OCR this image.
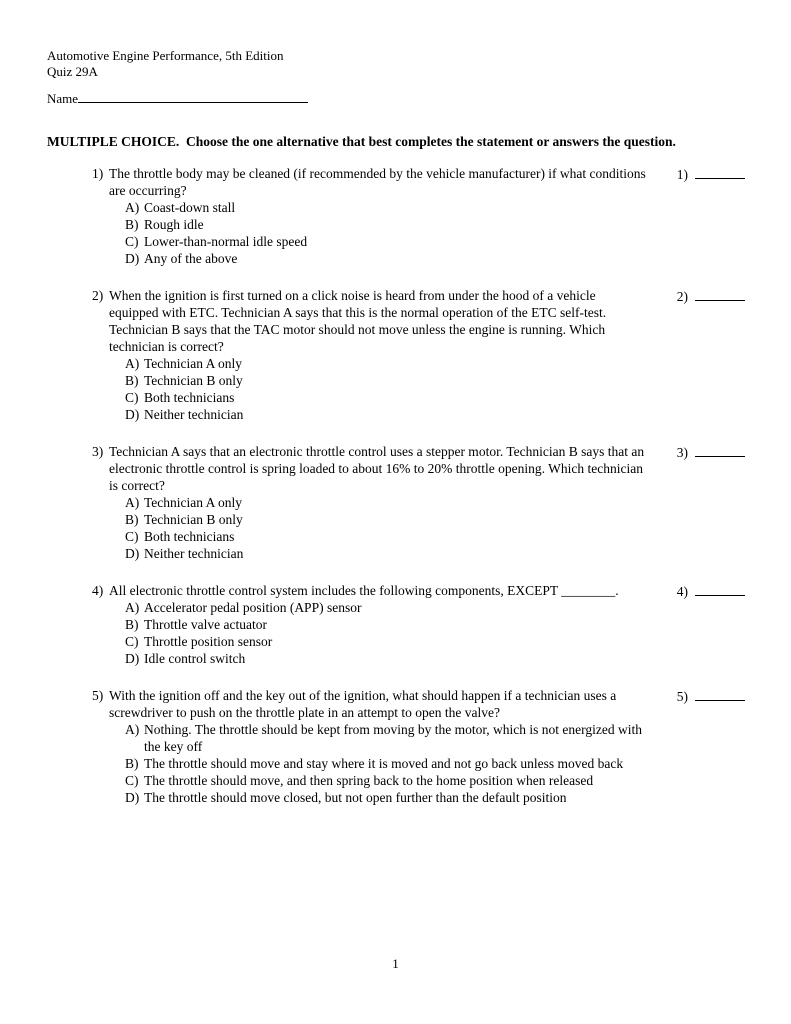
Automotive Engine Performance, 5th Edition
Quiz 29A
Name
MULTIPLE CHOICE.  Choose the one alternative that best completes the statement or answers the question.
1) The throttle body may be cleaned (if recommended by the vehicle manufacturer) if what conditions are occurring?
A) Coast-down stall
B) Rough idle
C) Lower-than-normal idle speed
D) Any of the above
1)
2) When the ignition is first turned on a click noise is heard from under the hood of a vehicle equipped with ETC. Technician A says that this is the normal operation of the ETC self-test. Technician B says that the TAC motor should not move unless the engine is running. Which technician is correct?
A) Technician A only
B) Technician B only
C) Both technicians
D) Neither technician
2)
3) Technician A says that an electronic throttle control uses a stepper motor. Technician B says that an electronic throttle control is spring loaded to about 16% to 20% throttle opening. Which technician is correct?
A) Technician A only
B) Technician B only
C) Both technicians
D) Neither technician
3)
4) All electronic throttle control system includes the following components, EXCEPT ________.
A) Accelerator pedal position (APP) sensor
B) Throttle valve actuator
C) Throttle position sensor
D) Idle control switch
4)
5) With the ignition off and the key out of the ignition, what should happen if a technician uses a screwdriver to push on the throttle plate in an attempt to open the valve?
A) Nothing. The throttle should be kept from moving by the motor, which is not energized with the key off
B) The throttle should move and stay where it is moved and not go back unless moved back
C) The throttle should move, and then spring back to the home position when released
D) The throttle should move closed, but not open further than the default position
5)
1
